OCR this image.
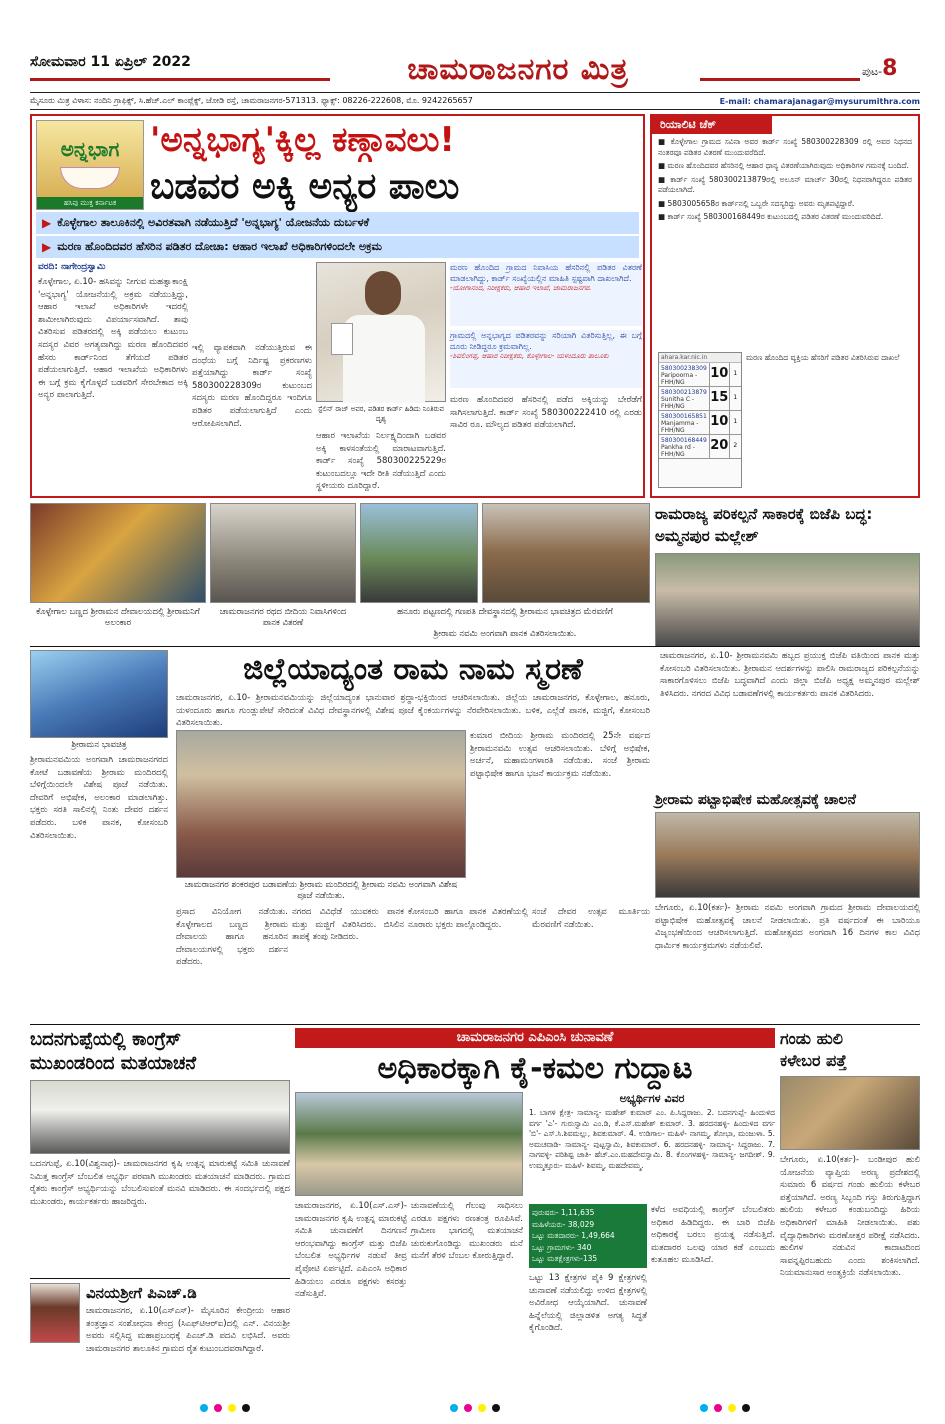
ಸೋಮವಾರ 11 ಏಪ್ರಿಲ್ 2022	ಚಾಮರಾಜನಗರ ಮಿತ್ರ	ಪುಟ-8
ಮೈಸೂರು ಮಿತ್ರ ವಿಳಾಸ: ನಂದಿನಿ ಗ್ರಾಫಿಕ್ಸ್, ಸಿ.ಹೆಚ್.ಎಲ್ ಕಾಂಪ್ಲೆಕ್ಸ್, ಜೋಡಿ ರಸ್ತೆ, ಚಾಮರಾಜನಗರ-571313. ಫ್ಯಾಕ್ಸ್: 08226-222608, ಮೊ. 9242265657	E-mail: chamarajanagar@mysurumithra.com
ಅನ್ನಭಾಗ
ಹಸಿವು ಮುಕ್ತ ಕರ್ನಾಟಕ
'ಅನ್ನಭಾಗ್ಯ'ಕ್ಕಿಲ್ಲ ಕಣ್ಗಾವಲು!
ಬಡವರ ಅಕ್ಕಿ ಅನ್ಯರ ಪಾಲು
▶ ಕೊಳ್ಳೇಗಾಲ ತಾಲೂಕಿನಲ್ಲಿ ಅವಿರತವಾಗಿ ನಡೆಯುತ್ತಿದೆ 'ಅನ್ನಭಾಗ್ಯ' ಯೋಜನೆಯ ದುರ್ಬಳಕೆ
▶ ಮರಣ ಹೊಂದಿದವರ ಹೆಸರಿನ ಪಡಿತರ ದೋಚಾ: ಆಹಾರ ಇಲಾಖೆ ಅಧಿಕಾರಿಗಳಿಂದಲೇ ಅಕ್ರಮ
ವರದಿ: ನಾಗೇಂದ್ರಸ್ವಾಮಿ
ಕೊಳ್ಳೇಗಾಲ, ಏ.10- ಹಸಿವನ್ನು ನೀಗುವ ಮಹತ್ವಾಕಾಂಕ್ಷಿ 'ಅನ್ನಭಾಗ್ಯ' ಯೋಜನೆಯಲ್ಲಿ ಅಕ್ರಮ ನಡೆಯುತ್ತಿದ್ದು, ಆಹಾರ ಇಲಾಖೆ ಅಧಿಕಾರಿಗಳೇ ಇದರಲ್ಲಿ ಶಾಮೀಲಾಗಿರುವುದು ವಿಪರ್ಯಾಸವಾಗಿದೆ. ತಾವು ವಿತರಿಸುವ ಪಡಿತರದಲ್ಲಿ ಅಕ್ಕಿ ಪಡೆಯಲು ಕುಟುಂಬ ಸದಸ್ಯರ ವಿವರ ಅಗತ್ಯವಾಗಿದ್ದು ಮರಣ ಹೊಂದಿದವರ ಹೆಸರು ಕಾರ್ಡ್‌ನಿಂದ ತೆಗೆಯದೆ ಪಡಿತರ ಪಡೆಯಲಾಗುತ್ತಿದೆ. ಆಹಾರ ಇಲಾಖೆಯ ಅಧಿಕಾರಿಗಳು ಈ ಬಗ್ಗೆ ಕ್ರಮ ಕೈಗೊಳ್ಳದೆ ಬಡವರಿಗೆ ಸೇರಬೇಕಾದ ಅಕ್ಕಿ ಅನ್ಯರ ಪಾಲಾಗುತ್ತಿದೆ.
ಇಲ್ಲಿ ವ್ಯಾಪಕವಾಗಿ ನಡೆಯುತ್ತಿರುವ ಈ ದಂಧೆಯ ಬಗ್ಗೆ ನಿರ್ದಿಷ್ಟ ಪ್ರಕರಣಗಳು ಪತ್ತೆಯಾಗಿದ್ದು ಕಾರ್ಡ್ ಸಂಖ್ಯೆ 580300228309ರ ಕುಟುಂಬದ ಸದಸ್ಯರು ಮರಣ ಹೊಂದಿದ್ದರೂ ಇಂದಿಗೂ ಪಡಿತರ ಪಡೆಯಲಾಗುತ್ತಿದೆ ಎಂದು ಆರೋಪಿಸಲಾಗಿದೆ.
ಸ್ಟೆಲಿನ್ ರಾಜ್ ಅವರ, ಪಡಿತರ ಕಾರ್ಡ್ ಹಿಡಿದು ನಿಂತಿರುವ ದೃಶ್ಯ
ಆಹಾರ ಇಲಾಖೆಯ ನಿರ್ಲಕ್ಷ್ಯದಿಂದಾಗಿ ಬಡವರ ಅಕ್ಕಿ ಕಾಳಸಂತೆಯಲ್ಲಿ ಮಾರಾಟವಾಗುತ್ತಿದೆ. ಕಾರ್ಡ್ ಸಂಖ್ಯೆ 580300225229ರ ಕುಟುಂಬದಲ್ಲೂ ಇದೇ ರೀತಿ ನಡೆಯುತ್ತಿದೆ ಎಂದು ಸ್ಥಳೀಯರು ದೂರಿದ್ದಾರೆ.
ಮರಣ ಹೊಂದಿದ ಗ್ರಾಮದ ನಿವಾಸಿಯ ಹೆಸರಿನಲ್ಲಿ ಪಡಿತರ ವಿತರಣೆ ಮಾಡಲಾಗಿದ್ದು, ಕಾರ್ಡ್ ಸಂಖ್ಯೆಯಲ್ಲಿನ ಮಾಹಿತಿ ಸ್ಪಷ್ಟವಾಗಿ ದಾಖಲಾಗಿದೆ.
-ಯೋಗಾನಂದ, ನಿರೀಕ್ಷಕರು, ಆಹಾರ ಇಲಾಖೆ, ಚಾಮರಾಜನಗರ.
ಗ್ರಾಮದಲ್ಲಿ ಅನ್ನಭಾಗ್ಯದ ಪಡಿತರವನ್ನು ಸರಿಯಾಗಿ ವಿತರಿಸುತ್ತಿಲ್ಲ, ಈ ಬಗ್ಗೆ ದೂರು ನೀಡಿದ್ದರೂ ಕ್ರಮವಾಗಿಲ್ಲ.
-ಶಿವಲಿಂಗಪ್ಪ, ಆಹಾರ ನಿರೀಕ್ಷಕರು, ಕೊಳ್ಳೇಗಾಲ- ಯಳಂದೂರು ತಾಲೂಕು
ಮರಣ ಹೊಂದಿದವರ ಹೆಸರಿನಲ್ಲಿ ಪಡೆದ ಅಕ್ಕಿಯನ್ನು ಬೇರೆಡೆಗೆ ಸಾಗಿಸಲಾಗುತ್ತಿದೆ. ಕಾರ್ಡ್ ಸಂಖ್ಯೆ 580300222410 ರಲ್ಲಿ ಎರಡು ಸಾವಿರ ರೂ. ಮೌಲ್ಯದ ಪಡಿತರ ಪಡೆಯಲಾಗಿದೆ.
ರಿಯಾಲಿಟಿ ಚೆಕ್
■ ಕೊಳ್ಳೇಗಾಲ ಗ್ರಾಮದ ಸವಿನಾ ಅವರ ಕಾರ್ಡ್ ಸಂಖ್ಯೆ 580300228309 ರಲ್ಲಿ ಅವರ ನಿಧನದ ನಂತರವೂ ಪಡಿತರ ವಿತರಣೆ ಮುಂದುವರೆದಿದೆ.
■ ಮರಣ ಹೊಂದಿದವರ ಹೆಸರಿನಲ್ಲಿ ಆಹಾರ ಧಾನ್ಯ ವಿತರಣೆಯಾಗಿರುವುದು ಅಧಿಕಾರಿಗಳ ಗಮನಕ್ಕೆ ಬಂದಿದೆ.
■ ಕಾರ್ಡ್ ಸಂಖ್ಯೆ 580300213879ರಲ್ಲಿ ಅಲೂನ್ ಮಾರ್ಚ್ 30ರಲ್ಲಿ ನಿಧನರಾಗಿದ್ದರೂ ಪಡಿತರ ಪಡೆಯಲಾಗಿದೆ.
■ 5803005658ರ ಕಾರ್ಡ್‌ನಲ್ಲಿ ಒಬ್ಬರೇ ಸದಸ್ಯರಿದ್ದು ಅವರು ಮೃತಪಟ್ಟಿದ್ದಾರೆ.
■ ಕಾರ್ಡ್ ಸಂಖ್ಯೆ 580300168449ರ ಕುಟುಂಬದಲ್ಲಿ ಪಡಿತರ ವಿತರಣೆ ಮುಂದುವರಿದಿದೆ.
ahara.kar.nic.in
580300238309
Paripoorna - FHH/NG
10 1
580300213879
Sunitha C - FHH/NG
15 1
580300165851
Manjamma - FHH/NG
10 1
580300168449
Pankha rd - FHH/NG
20 2
ಮರಣ ಹೊಂದಿದ ವ್ಯಕ್ತಿಯ ಹೆಸರಿಗೆ ಪಡಿತರ ವಿತರಿಸಿರುವ ದಾಖಲೆ
ಕೊಳ್ಳೇಗಾಲ ಬಣ್ಣದ ಶ್ರೀರಾಮನ ದೇವಾಲಯದಲ್ಲಿ ಶ್ರೀರಾಮನಿಗೆ ಅಲಂಕಾರ
ಚಾಮರಾಜನಗರ ರಥದ ಬೀದಿಯ ನಿವಾಸಿಗಳಿಂದ ಪಾನಕ ವಿತರಣೆ
ಹನೂರು ಪಟ್ಟಣದಲ್ಲಿ ಗಣಪತಿ ದೇವಸ್ಥಾನದಲ್ಲಿ ಶ್ರೀರಾಮನ ಭಾವಚಿತ್ರದ ಮೆರವಣಿಗೆ
ಶ್ರೀರಾಮ ನವಮಿ ಅಂಗವಾಗಿ ಪಾನಕ ವಿತರಿಸಲಾಯಿತು.
ರಾಮರಾಜ್ಯ ಪರಿಕಲ್ಪನೆ ಸಾಕಾರಕ್ಕೆ ಬಿಜೆಪಿ ಬದ್ಧ: ಅಮ್ಮನಪುರ ಮಲ್ಲೇಶ್
ಶ್ರೀರಾಮನ ಭಾವಚಿತ್ರ
ಜಿಲ್ಲೆಯಾದ್ಯಂತ ರಾಮ ನಾಮ ಸ್ಮರಣೆ
ಚಾಮರಾಜನಗರ, ಏ.10- ಶ್ರೀರಾಮನವಮಿಯನ್ನು ಜಿಲ್ಲೆಯಾದ್ಯಂತ ಭಾನುವಾರ ಶ್ರದ್ಧಾ-ಭಕ್ತಿಯಿಂದ ಆಚರಿಸಲಾಯಿತು. ಜಿಲ್ಲೆಯ ಚಾಮರಾಜನಗರ, ಕೊಳ್ಳೇಗಾಲ, ಹನೂರು, ಯಳಂದೂರು ಹಾಗೂ ಗುಂಡ್ಲುಪೇಟೆ ಸೇರಿದಂತೆ ವಿವಿಧ ದೇವಸ್ಥಾನಗಳಲ್ಲಿ ವಿಶೇಷ ಪೂಜೆ ಕೈಂಕರ್ಯಗಳನ್ನು ನೆರವೇರಿಸಲಾಯಿತು. ಬಳಿಕ, ಎಲ್ಲೆಡೆ ಪಾನಕ, ಮಜ್ಜಿಗೆ, ಕೋಸಂಬರಿ ವಿತರಿಸಲಾಯಿತು.
ಶ್ರೀರಾಮನವಮಿಯ ಅಂಗವಾಗಿ ಚಾಮರಾಜನಗರದ ಕೋಟೆ ಬಡಾವಣೆಯ ಶ್ರೀರಾಮ ಮಂದಿರದಲ್ಲಿ ಬೆಳಿಗ್ಗೆಯಿಂದಲೇ ವಿಶೇಷ ಪೂಜೆ ನಡೆಯಿತು. ದೇವರಿಗೆ ಅಭಿಷೇಕ, ಅಲಂಕಾರ ಮಾಡಲಾಗಿತ್ತು. ಭಕ್ತರು ಸರತಿ ಸಾಲಿನಲ್ಲಿ ನಿಂತು ದೇವರ ದರ್ಶನ ಪಡೆದರು. ಬಳಿಕ ಪಾನಕ, ಕೋಸಂಬರಿ ವಿತರಿಸಲಾಯಿತು.
ಚಾಮರಾಜನಗರ ಶಂಕರಪುರ ಬಡಾವಣೆಯ ಶ್ರೀರಾಮ ಮಂದಿರದಲ್ಲಿ ಶ್ರೀರಾಮ ನವಮಿ ಅಂಗವಾಗಿ ವಿಶೇಷ ಪೂಜೆ ನಡೆಯಿತು.
ಕುಮಾರ ಬೀದಿಯ ಶ್ರೀರಾಮ ಮಂದಿರದಲ್ಲಿ 25ನೇ ವರ್ಷದ ಶ್ರೀರಾಮನವಮಿ ಉತ್ಸವ ಆಚರಿಸಲಾಯಿತು. ಬೆಳಿಗ್ಗೆ ಅಭಿಷೇಕ, ಅರ್ಚನೆ, ಮಹಾಮಂಗಳಾರತಿ ನಡೆಯಿತು. ಸಂಜೆ ಶ್ರೀರಾಮ ಪಟ್ಟಾಭಿಷೇಕ ಹಾಗೂ ಭಜನೆ ಕಾರ್ಯಕ್ರಮ ನಡೆಯಿತು.
ಪ್ರಸಾದ ವಿನಿಯೋಗ ನಡೆಯಿತು. ಕೊಳ್ಳೇಗಾಲದ ಬಣ್ಣದ ಶ್ರೀರಾಮ ದೇವಾಲಯ ಹಾಗೂ ಹನೂರಿನ ದೇವಾಲಯಗಳಲ್ಲಿ ಭಕ್ತರು ದರ್ಶನ ಪಡೆದರು.
ನಗರದ ವಿವಿಧೆಡೆ ಯುವಕರು ಪಾನಕ ಮತ್ತು ಮಜ್ಜಿಗೆ ವಿತರಿಸಿದರು. ಬಿಸಿಲಿನ ತಾಪಕ್ಕೆ ತಂಪು ನೀಡಿದರು.
ಕೋಸಂಬರಿ ಹಾಗೂ ಪಾನಕ ವಿತರಣೆಯಲ್ಲಿ ನೂರಾರು ಭಕ್ತರು ಪಾಲ್ಗೊಂಡಿದ್ದರು.
ಸಂಜೆ ದೇವರ ಉತ್ಸವ ಮೂರ್ತಿಯ ಮೆರವಣಿಗೆ ನಡೆಯಿತು.
ಚಾಮರಾಜನಗರ, ಏ.10- ಶ್ರೀರಾಮನವಮಿ ಹಬ್ಬದ ಪ್ರಯುಕ್ತ ಬಿಜೆಪಿ ವತಿಯಿಂದ ಪಾನಕ ಮತ್ತು ಕೋಸಂಬರಿ ವಿತರಿಸಲಾಯಿತು. ಶ್ರೀರಾಮನ ಆದರ್ಶಗಳನ್ನು ಪಾಲಿಸಿ ರಾಮರಾಜ್ಯದ ಪರಿಕಲ್ಪನೆಯನ್ನು ಸಾಕಾರಗೊಳಿಸಲು ಬಿಜೆಪಿ ಬದ್ಧವಾಗಿದೆ ಎಂದು ಜಿಲ್ಲಾ ಬಿಜೆಪಿ ಅಧ್ಯಕ್ಷ ಅಮ್ಮನಪುರ ಮಲ್ಲೇಶ್ ತಿಳಿಸಿದರು. ನಗರದ ವಿವಿಧ ಬಡಾವಣೆಗಳಲ್ಲಿ ಕಾರ್ಯಕರ್ತರು ಪಾನಕ ವಿತರಿಸಿದರು.
ಶ್ರೀರಾಮ ಪಟ್ಟಾಭಿಷೇಕ ಮಹೋತ್ಸವಕ್ಕೆ ಚಾಲನೆ
ಬೇಗೂರು, ಏ.10(ಕರ್ತ)- ಶ್ರೀರಾಮ ನವಮಿ ಅಂಗವಾಗಿ ಗ್ರಾಮದ ಶ್ರೀರಾಮ ದೇವಾಲಯದಲ್ಲಿ ಪಟ್ಟಾಭಿಷೇಕ ಮಹೋತ್ಸವಕ್ಕೆ ಚಾಲನೆ ನೀಡಲಾಯಿತು. ಪ್ರತಿ ವರ್ಷದಂತೆ ಈ ಬಾರಿಯೂ ವಿಜೃಂಭಣೆಯಿಂದ ಆಚರಿಸಲಾಗುತ್ತಿದೆ. ಮಹೋತ್ಸವದ ಅಂಗವಾಗಿ 16 ದಿನಗಳ ಕಾಲ ವಿವಿಧ ಧಾರ್ಮಿಕ ಕಾರ್ಯಕ್ರಮಗಳು ನಡೆಯಲಿವೆ.
ಬದನಗುಪ್ಪೆಯಲ್ಲಿ ಕಾಂಗ್ರೆಸ್
ಮುಖಂಡರಿಂದ ಮತಯಾಚನೆ
ಬದನಗುಪ್ಪೆ, ಏ.10(ವಿಶ್ವನಾಥ)- ಚಾಮರಾಜನಗರ ಕೃಷಿ ಉತ್ಪನ್ನ ಮಾರುಕಟ್ಟೆ ಸಮಿತಿ ಚುನಾವಣೆ ನಿಮಿತ್ತ ಕಾಂಗ್ರೆಸ್ ಬೆಂಬಲಿತ ಅಭ್ಯರ್ಥಿ ಪರವಾಗಿ ಮುಖಂಡರು ಮತಯಾಚನೆ ಮಾಡಿದರು. ಗ್ರಾಮದ ರೈತರು ಕಾಂಗ್ರೆಸ್ ಅಭ್ಯರ್ಥಿಯನ್ನು ಬೆಂಬಲಿಸುವಂತೆ ಮನವಿ ಮಾಡಿದರು. ಈ ಸಂದರ್ಭದಲ್ಲಿ ಪಕ್ಷದ ಮುಖಂಡರು, ಕಾರ್ಯಕರ್ತರು ಹಾಜರಿದ್ದರು.
ವಿನಯಶ್ರೀಗೆ ಪಿಎಚ್.ಡಿ
ಚಾಮರಾಜನಗರ, ಏ.10(ಎಸ್‌ಎಸ್)- ಮೈಸೂರಿನ ಕೇಂದ್ರೀಯ ಆಹಾರ ತಂತ್ರಜ್ಞಾನ ಸಂಶೋಧನಾ ಕೇಂದ್ರ (ಸಿಎಫ್‌ಟಿಆರ್‌ಐ)ದಲ್ಲಿ ಎನ್. ವಿನಯಶ್ರೀ ಅವರು ಸಲ್ಲಿಸಿದ್ದ ಮಹಾಪ್ರಬಂಧಕ್ಕೆ ಪಿಎಚ್.ಡಿ ಪದವಿ ಲಭಿಸಿದೆ. ಅವರು ಚಾಮರಾಜನಗರ ತಾಲೂಕಿನ ಗ್ರಾಮದ ರೈತ ಕುಟುಂಬದವರಾಗಿದ್ದಾರೆ.
ಚಾಮರಾಜನಗರ ಎಪಿಎಂಸಿ ಚುನಾವಣೆ
ಅಧಿಕಾರಕ್ಕಾಗಿ ಕೈ-ಕಮಲ ಗುದ್ದಾಟ
ಅಭ್ಯರ್ಥಿಗಳ ವಿವರ
1. ಬಾಗಳಿ ಕ್ಷೇತ್ರ- ಸಾಮಾನ್ಯ- ಮಹೇಶ್ ಕುಮಾರ್ ಎಂ. ಪಿ.ಸಿದ್ದರಾಜು. 2. ಬದನಗುಪ್ಪೆ- ಹಿಂದುಳಿದ ವರ್ಗ 'ಎ'- ಗುರುಸ್ವಾಮಿ ಎಂ.ಡಿ, ಕೆ.ಎಸ್.ಮಹೇಶ್ ಕುಮಾರ್. 3. ಹರದನಹಳ್ಳಿ- ಹಿಂದುಳಿದ ವರ್ಗ 'ಬಿ'- ಎಸ್.ಸಿ.ಶಿವಮಲ್ಲು, ಶಿವಕುಮಾರ್. 4. ಉಡಿಗಾಲ- ಮಹಿಳೆ- ನಾಗಮ್ಮ, ಶೋಭಾ, ಮಂಜುಳಾ. 5. ಅಮಚವಾಡಿ- ಸಾಮಾನ್ಯ- ಪುಟ್ಟಸ್ವಾಮಿ, ಶಿವಕುಮಾರ್. 6. ಹರದನಹಳ್ಳಿ- ಸಾಮಾನ್ಯ- ಸಿದ್ದರಾಜು. 7. ನಾಗವಳ್ಳಿ- ಪರಿಶಿಷ್ಟ ಜಾತಿ- ಹೆಚ್.ಎಂ.ಮಹದೇವಸ್ವಾಮಿ. 8. ಕೊಂಗಳಹಳ್ಳಿ- ಸಾಮಾನ್ಯ- ಜಗದೀಶ್. 9. ಉಮ್ಮತ್ತೂರು- ಮಹಿಳೆ- ಶಿವಮ್ಮ, ಮಹದೇವಮ್ಮ.
ಪುರುಷರು- 1,11,635
ಮಹಿಳೆಯರು- 38,029
ಒಟ್ಟು ಮತದಾರರು- 1,49,664
ಒಟ್ಟು ಗ್ರಾಮಗಳು- 340
ಒಟ್ಟು ಮತಕ್ಷೇತ್ರಗಳು-135
ಚಾಮರಾಜನಗರ, ಏ.10(ಎಸ್.ಎಸ್)- ಚಾಮರಾಜನಗರ ಕೃಷಿ ಉತ್ಪನ್ನ ಮಾರುಕಟ್ಟೆ ಸಮಿತಿ ಚುನಾವಣೆಗೆ ದಿನಗಣನೆ ಆರಂಭವಾಗಿದ್ದು ಕಾಂಗ್ರೆಸ್ ಮತ್ತು ಬಿಜೆಪಿ ಬೆಂಬಲಿತ ಅಭ್ಯರ್ಥಿಗಳ ನಡುವೆ ತೀವ್ರ ಪೈಪೋಟಿ ಏರ್ಪಟ್ಟಿದೆ. ಎಪಿಎಂಸಿ ಅಧಿಕಾರ ಹಿಡಿಯಲು ಎರಡೂ ಪಕ್ಷಗಳು ಕಸರತ್ತು ನಡೆಸುತ್ತಿವೆ.
ಚುನಾವಣೆಯಲ್ಲಿ ಗೆಲುವು ಸಾಧಿಸಲು ಎರಡೂ ಪಕ್ಷಗಳು ರಣತಂತ್ರ ರೂಪಿಸಿವೆ. ಗ್ರಾಮೀಣ ಭಾಗದಲ್ಲಿ ಮತಯಾಚನೆ ಚುರುಕುಗೊಂಡಿದ್ದು ಮುಖಂಡರು ಮನೆ ಮನೆಗೆ ತೆರಳಿ ಬೆಂಬಲ ಕೋರುತ್ತಿದ್ದಾರೆ.
ಒಟ್ಟು 13 ಕ್ಷೇತ್ರಗಳ ಪೈಕಿ 9 ಕ್ಷೇತ್ರಗಳಲ್ಲಿ ಚುನಾವಣೆ ನಡೆಯಲಿದ್ದು ಉಳಿದ ಕ್ಷೇತ್ರಗಳಲ್ಲಿ ಅವಿರೋಧ ಆಯ್ಕೆಯಾಗಿದೆ. ಚುನಾವಣೆ ಹಿನ್ನೆಲೆಯಲ್ಲಿ ಜಿಲ್ಲಾಡಳಿತ ಅಗತ್ಯ ಸಿದ್ಧತೆ ಕೈಗೊಂಡಿದೆ.
ಕಳೆದ ಅವಧಿಯಲ್ಲಿ ಕಾಂಗ್ರೆಸ್ ಬೆಂಬಲಿತರು ಅಧಿಕಾರ ಹಿಡಿದಿದ್ದರು. ಈ ಬಾರಿ ಬಿಜೆಪಿ ಅಧಿಕಾರಕ್ಕೆ ಬರಲು ಪ್ರಯತ್ನ ನಡೆಸುತ್ತಿದೆ. ಮತದಾರರ ಒಲವು ಯಾರ ಕಡೆ ಎಂಬುದು ಕುತೂಹಲ ಮೂಡಿಸಿದೆ.
ಗಂಡು ಹುಲಿ
ಕಳೇಬರ ಪತ್ತೆ
ಬೇಗೂರು, ಏ.10(ಕರ್ತ)- ಬಂಡೀಪುರ ಹುಲಿ ಯೋಜನೆಯ ವ್ಯಾಪ್ತಿಯ ಅರಣ್ಯ ಪ್ರದೇಶದಲ್ಲಿ ಸುಮಾರು 6 ವರ್ಷದ ಗಂಡು ಹುಲಿಯ ಕಳೇಬರ ಪತ್ತೆಯಾಗಿದೆ. ಅರಣ್ಯ ಸಿಬ್ಬಂದಿ ಗಸ್ತು ತಿರುಗುತ್ತಿದ್ದಾಗ ಹುಲಿಯ ಕಳೇಬರ ಕಂಡುಬಂದಿದ್ದು ಹಿರಿಯ ಅಧಿಕಾರಿಗಳಿಗೆ ಮಾಹಿತಿ ನೀಡಲಾಯಿತು. ಪಶು ವೈದ್ಯಾಧಿಕಾರಿಗಳು ಮರಣೋತ್ತರ ಪರೀಕ್ಷೆ ನಡೆಸಿದರು. ಹುಲಿಗಳ ನಡುವಿನ ಕಾದಾಟದಿಂದ ಸಾವನ್ನಪ್ಪಿರಬಹುದು ಎಂದು ಶಂಕಿಸಲಾಗಿದೆ. ನಿಯಮಾನುಸಾರ ಅಂತ್ಯಕ್ರಿಯೆ ನಡೆಸಲಾಯಿತು.
